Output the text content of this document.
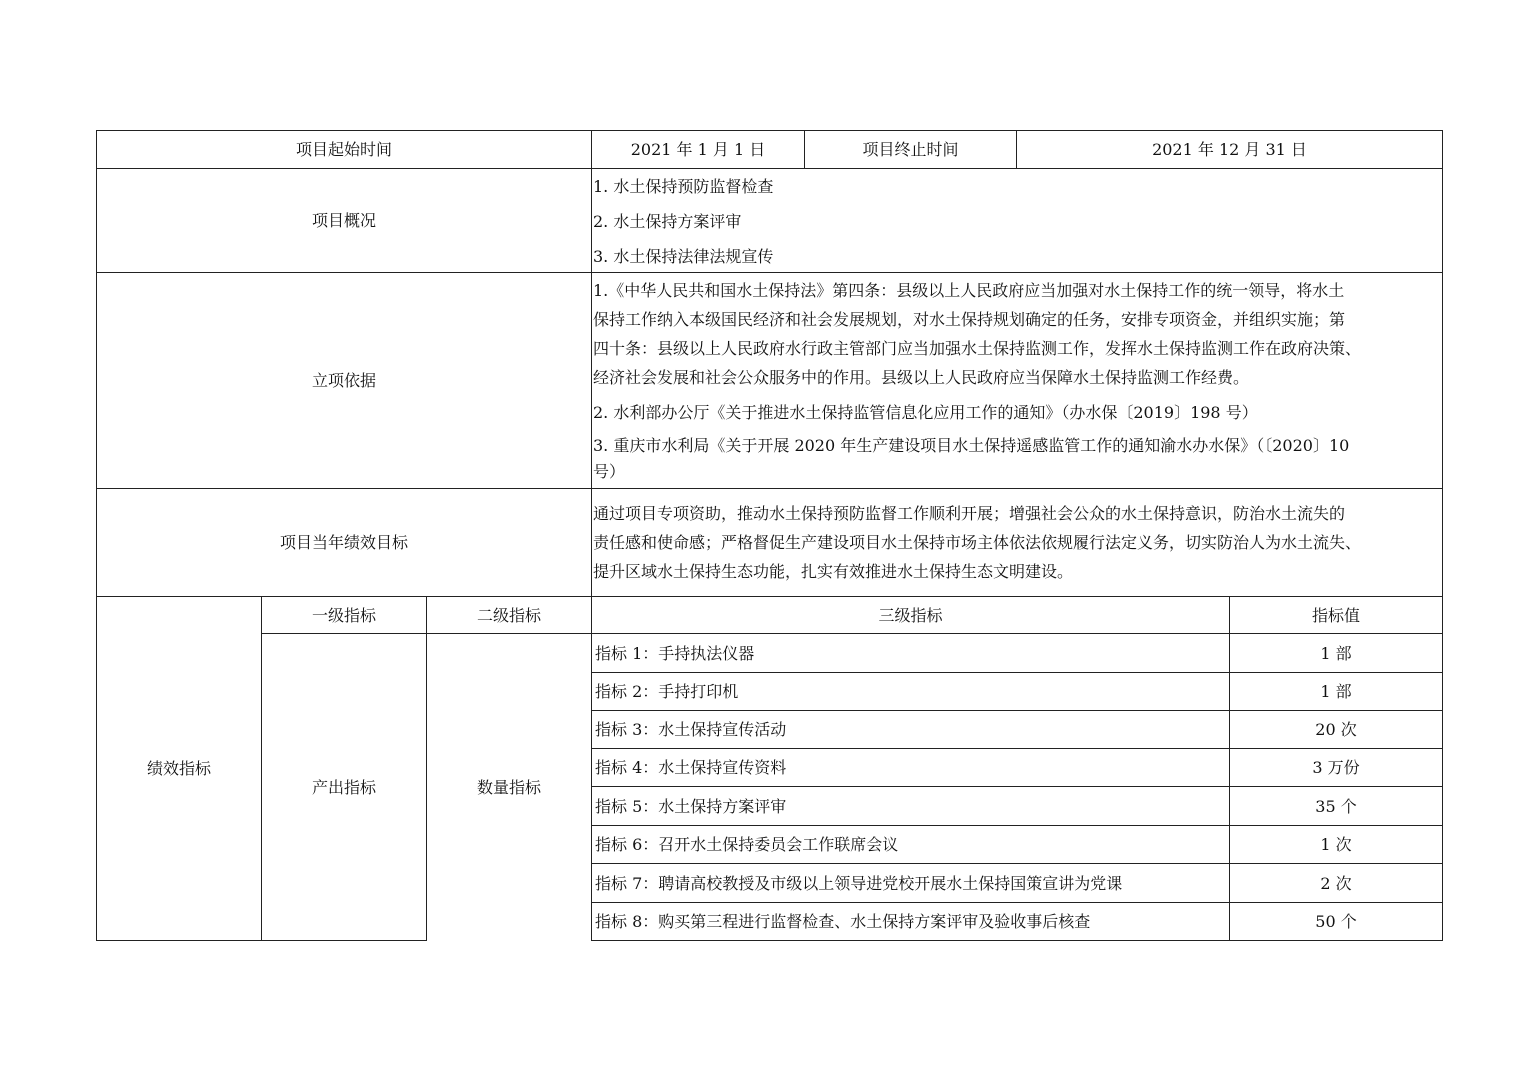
项目起始时间	2021 年 1 月 1 日	项目终止时间	2021 年 12 月 31 日
项目概况
1. 水土保持预防监督检查
2. 水土保持方案评审
3. 水土保持法律法规宣传
立项依据
1.《中华人民共和国水土保持法》第四条：县级以上人民政府应当加强对水土保持工作的统一领导，将水土
保持工作纳入本级国民经济和社会发展规划，对水土保持规划确定的任务，安排专项资金，并组织实施；第
四十条：县级以上人民政府水行政主管部门应当加强水土保持监测工作，发挥水土保持监测工作在政府决策、
经济社会发展和社会公众服务中的作用。县级以上人民政府应当保障水土保持监测工作经费。
2. 水利部办公厅《关于推进水土保持监管信息化应用工作的通知》（办水保〔2019〕198 号）
3. 重庆市水利局《关于开展 2020 年生产建设项目水土保持遥感监管工作的通知渝水办水保》（〔2020〕10
号）
项目当年绩效目标
通过项目专项资助，推动水土保持预防监督工作顺利开展；增强社会公众的水土保持意识，防治水土流失的
责任感和使命感；严格督促生产建设项目水土保持市场主体依法依规履行法定义务，切实防治人为水土流失、
提升区域水土保持生态功能，扎实有效推进水土保持生态文明建设。
绩效指标
一级指标	二级指标	三级指标	指标值
产出指标	数量指标
指标 1：手持执法仪器	1 部
指标 2：手持打印机	1 部
指标 3：水土保持宣传活动	20 次
指标 4：水土保持宣传资料	3 万份
指标 5：水土保持方案评审	35 个
指标 6：召开水土保持委员会工作联席会议	1 次
指标 7：聘请高校教授及市级以上领导进党校开展水土保持国策宣讲为党课	2 次
指标 8：购买第三程进行监督检查、水土保持方案评审及验收事后核查	50 个
